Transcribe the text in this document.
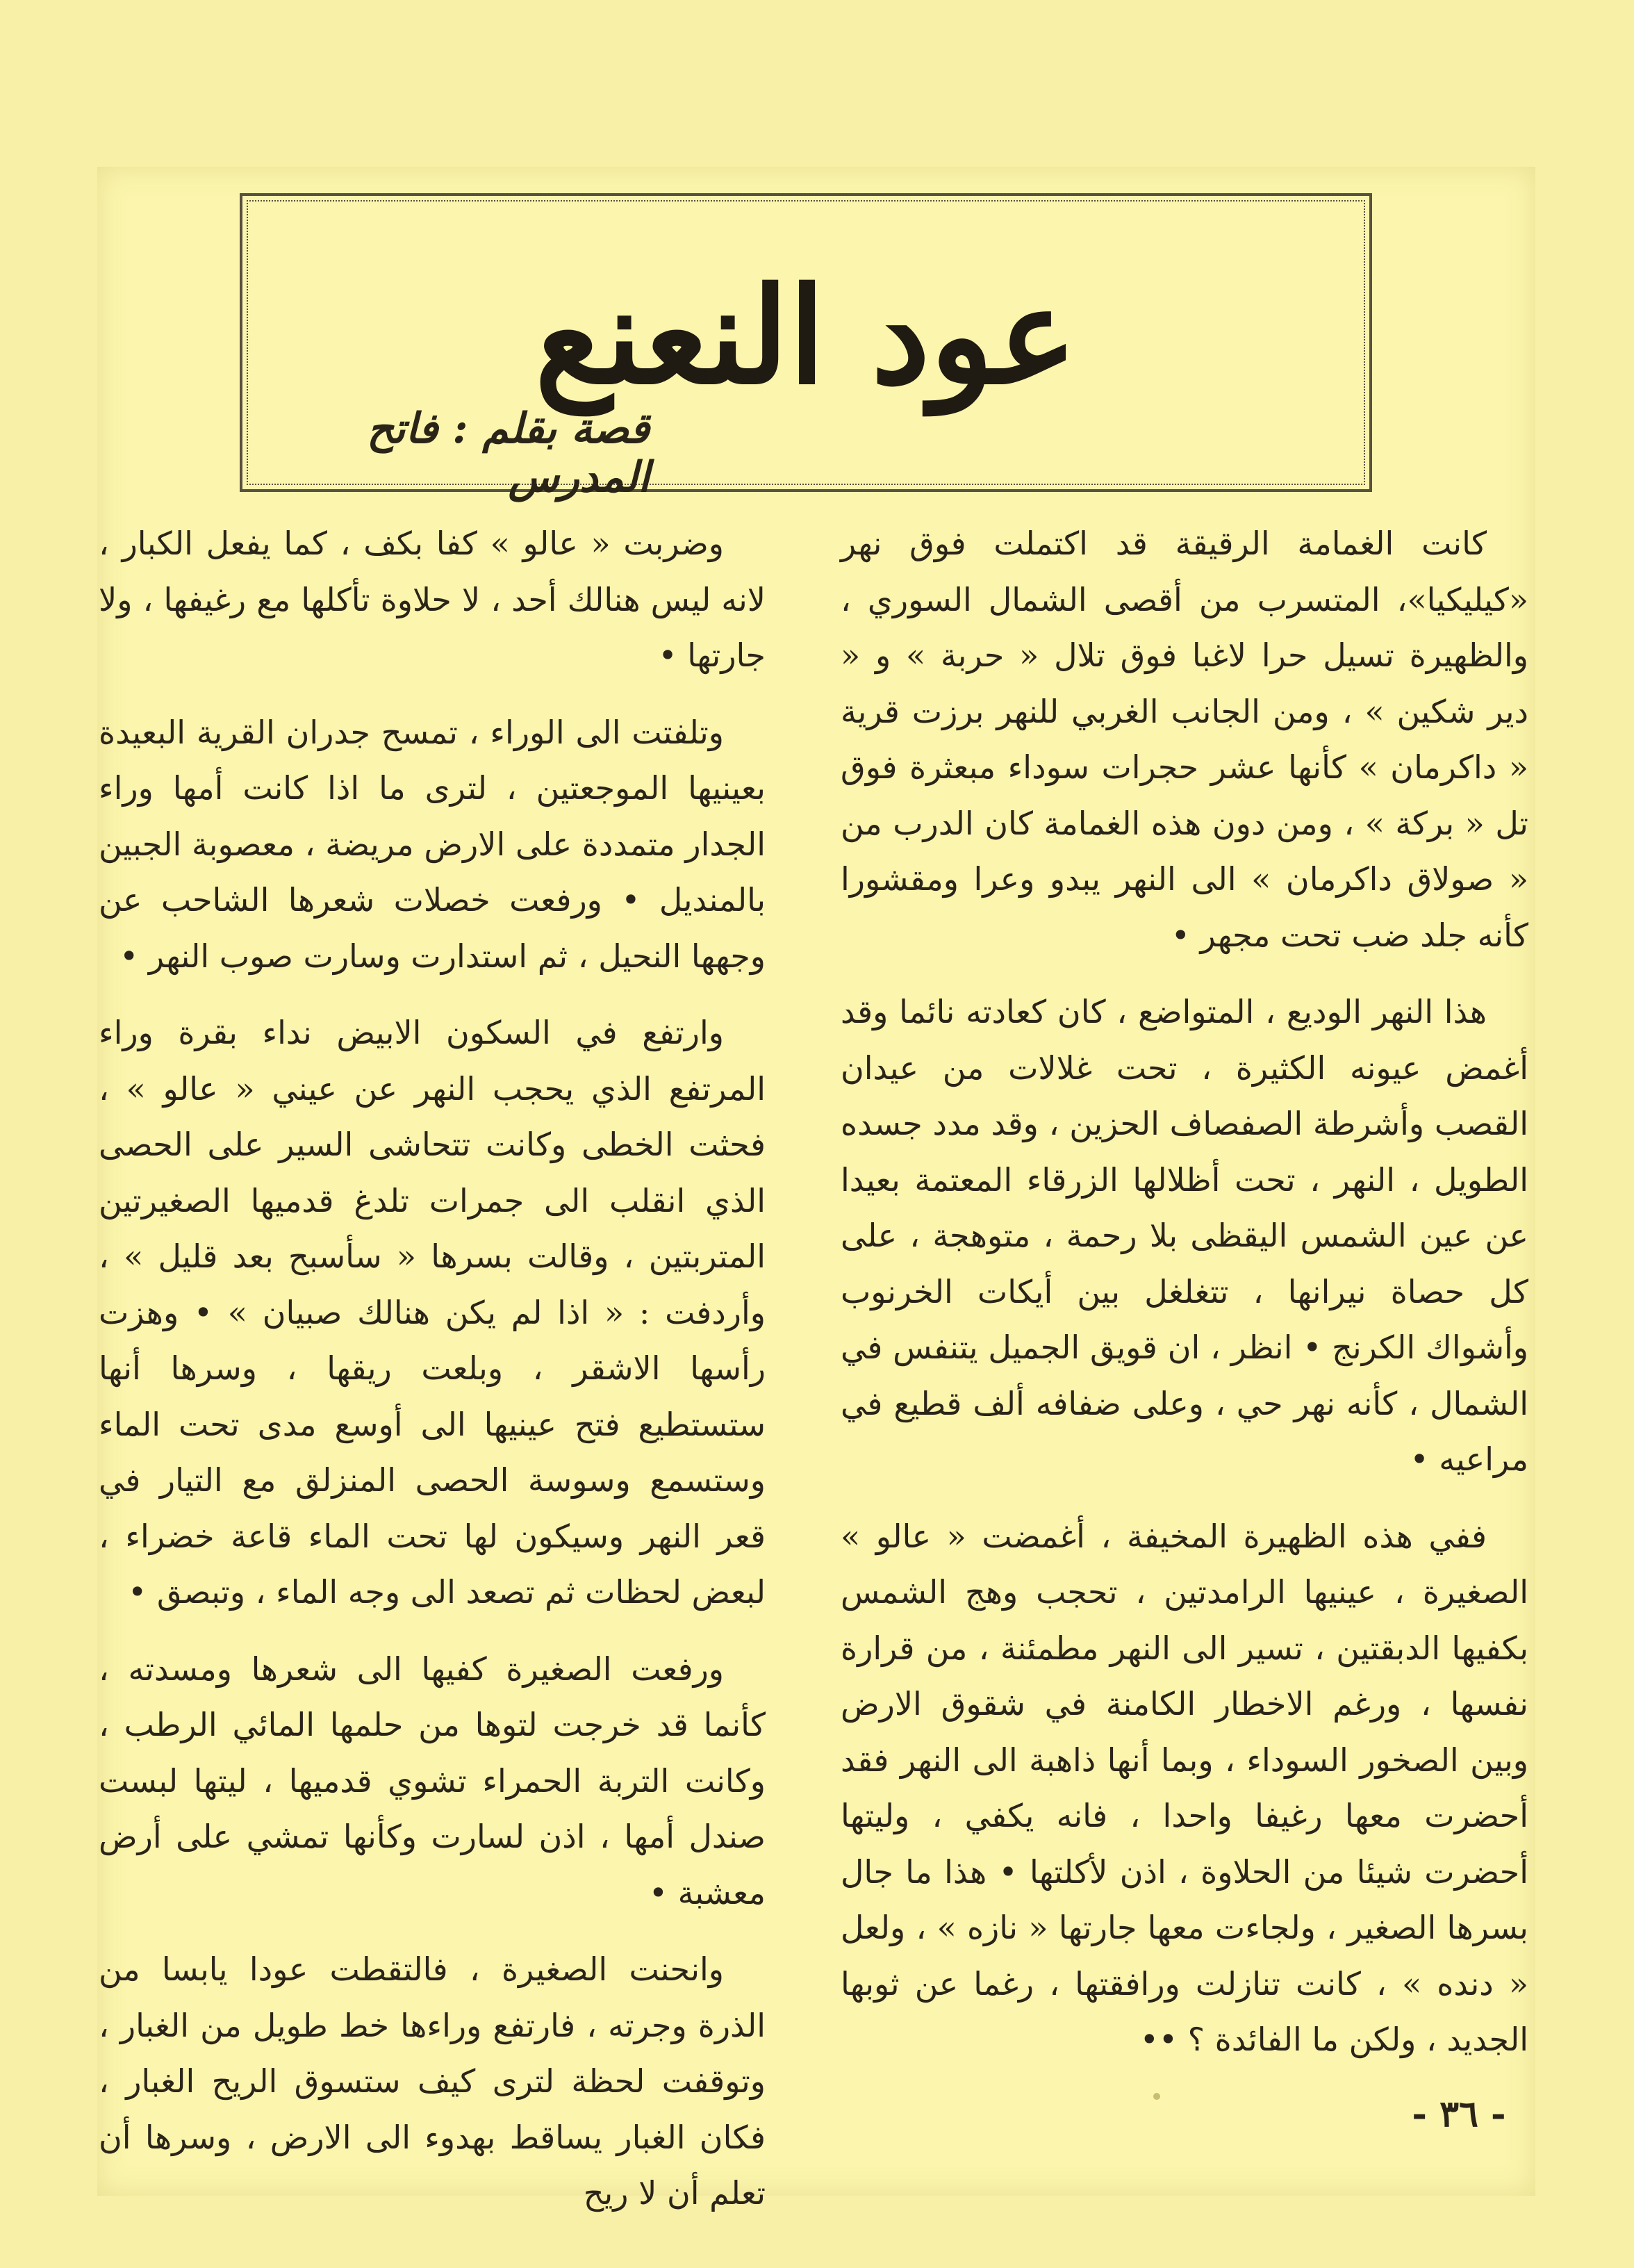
عود النعنع
قصة بقلم : فاتح المدرس

كانت الغمامة الرقيقة قد اكتملت فوق نهر «كيليكيا»، المتسرب من أقصى الشمال السوري ، والظهيرة تسيل حرا لاغبا فوق تلال « حربة » و « دير شكين » ، ومن الجانب الغربي للنهر برزت قرية « داكرمان » كأنها عشر حجرات سوداء مبعثرة فوق تل « بركة » ، ومن دون هذه الغمامة كان الدرب من « صولاق داكرمان » الى النهر يبدو وعرا ومقشورا كأنه جلد ضب تحت مجهر •

هذا النهر الوديع ، المتواضع ، كان كعادته نائما وقد أغمض عيونه الكثيرة ، تحت غلالات من عيدان القصب وأشرطة الصفصاف الحزين ، وقد مدد جسده الطويل ، النهر ، تحت أظلالها الزرقاء المعتمة بعيدا عن عين الشمس اليقظى بلا رحمة ، متوهجة ، على كل حصاة نيرانها ، تتغلغل بين أيكات الخرنوب وأشواك الكرنج • انظر ، ان قويق الجميل يتنفس في الشمال ، كأنه نهر حي ، وعلى ضفافه ألف قطيع في مراعيه •

ففي هذه الظهيرة المخيفة ، أغمضت « عالو » الصغيرة ، عينيها الرامدتين ، تحجب وهج الشمس بكفيها الدبقتين ، تسير الى النهر مطمئنة ، من قرارة نفسها ، ورغم الاخطار الكامنة في شقوق الارض وبين الصخور السوداء ، وبما أنها ذاهبة الى النهر فقد أحضرت معها رغيفا واحدا ، فانه يكفي ، وليتها أحضرت شيئا من الحلاوة ، اذن لأكلتها • هذا ما جال بسرها الصغير ، ولجاءت معها جارتها « نازه » ، ولعل « دنده » ، كانت تنازلت ورافقتها ، رغما عن ثوبها الجديد ، ولكن ما الفائدة ؟ ••

وضربت « عالو » كفا بكف ، كما يفعل الكبار ، لانه ليس هنالك أحد ، لا حلاوة تأكلها مع رغيفها ، ولا جارتها •

وتلفتت الى الوراء ، تمسح جدران القرية البعيدة بعينيها الموجعتين ، لترى ما اذا كانت أمها وراء الجدار متمددة على الارض مريضة ، معصوبة الجبين بالمنديل • ورفعت خصلات شعرها الشاحب عن وجهها النحيل ، ثم استدارت وسارت صوب النهر •

وارتفع في السكون الابيض نداء بقرة وراء المرتفع الذي يحجب النهر عن عيني « عالو » ، فحثت الخطى وكانت تتحاشى السير على الحصى الذي انقلب الى جمرات تلدغ قدميها الصغيرتين المتربتين ، وقالت بسرها « سأسبح بعد قليل » ، وأردفت : « اذا لم يكن هنالك صبيان » • وهزت رأسها الاشقر ، وبلعت ريقها ، وسرها أنها ستستطيع فتح عينيها الى أوسع مدى تحت الماء وستسمع وسوسة الحصى المنزلق مع التيار في قعر النهر وسيكون لها تحت الماء قاعة خضراء ، لبعض لحظات ثم تصعد الى وجه الماء ، وتبصق •

ورفعت الصغيرة كفيها الى شعرها ومسدته ، كأنما قد خرجت لتوها من حلمها المائي الرطب ، وكانت التربة الحمراء تشوي قدميها ، ليتها لبست صندل أمها ، اذن لسارت وكأنها تمشي على أرض معشبة •

وانحنت الصغيرة ، فالتقطت عودا يابسا من الذرة وجرته ، فارتفع وراءها خط طويل من الغبار ، وتوقفت لحظة لترى كيف ستسوق الريح الغبار ، فكان الغبار يساقط بهدوء الى الارض ، وسرها أن تعلم أن لا ريح

- ٣٦ -
